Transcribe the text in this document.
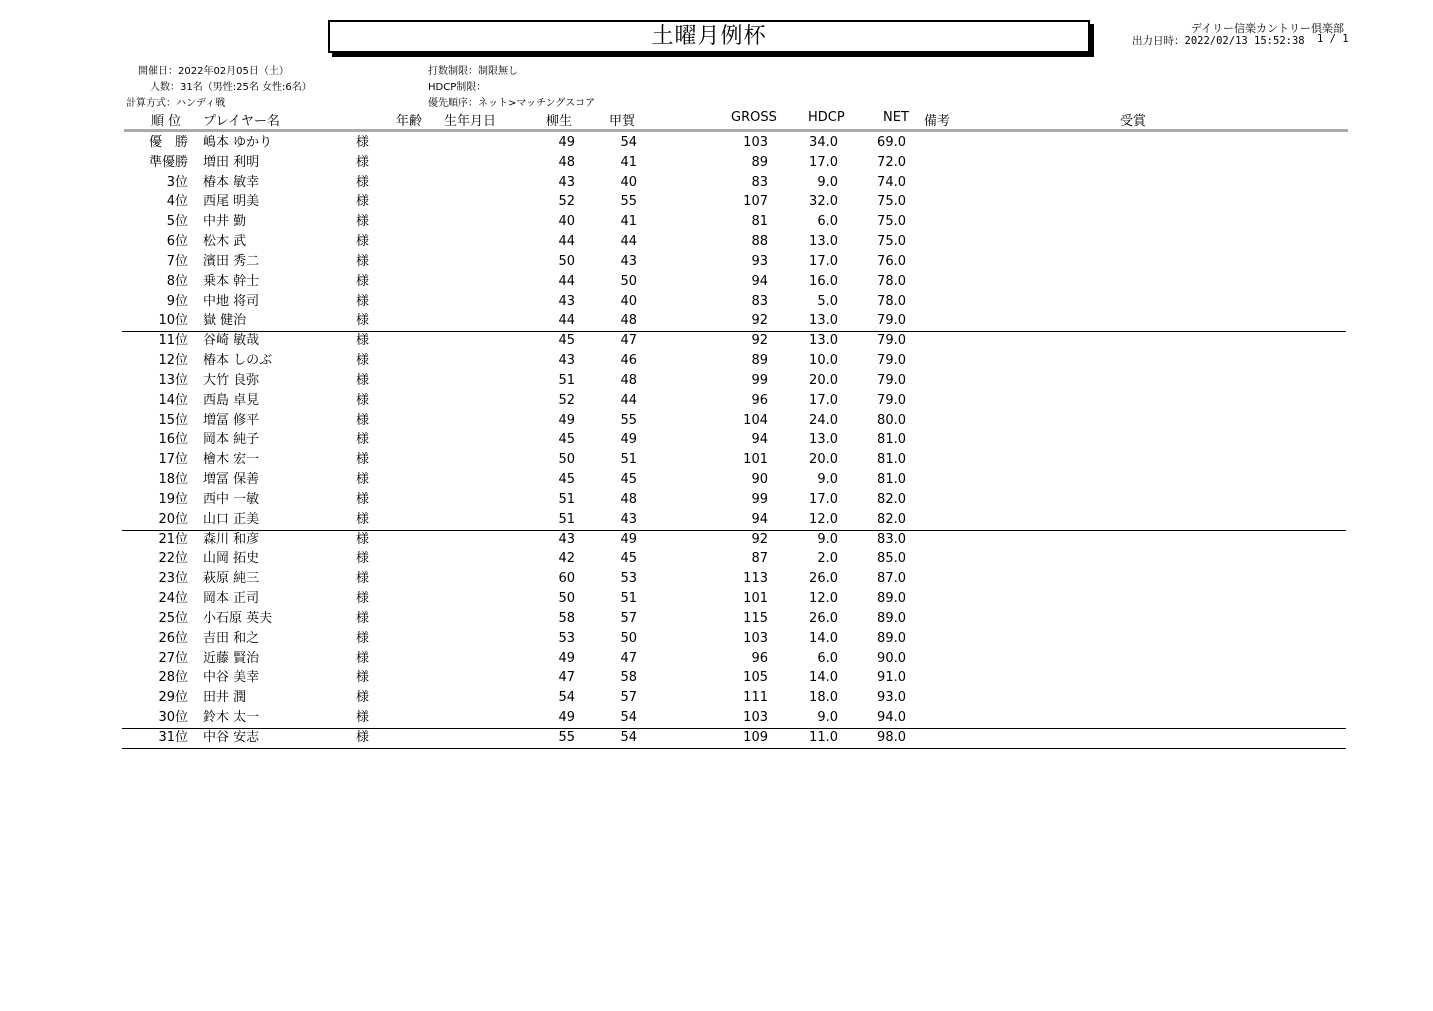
土曜月例杯	デイリー信楽カントリー倶楽部
出力日時：2022/02/13 15:52:38 1 / 1
開催日：2022年02月05日（土）
人数：31名（男性:25名 女性:6名）
計算方式：ハンディ戦
打数制限：制限無し
HDCP制限：
優先順序：ネット>マッチングスコア
順 位 プレイヤー名	年齢 生年月日	柳生	甲賀	GROSS HDCP	NET 備考	受賞
優　勝 嶋本 ゆかり	様	49	54	103	34.0	69.0
準優勝 増田 利明	様	48	41	89	17.0	72.0
3位 椿本 敏幸	様	43	40	83	9.0	74.0
4位 西尾 明美	様	52	55	107	32.0	75.0
5位 中井 勤	様	40	41	81	6.0	75.0
6位 松木 武	様	44	44	88	13.0	75.0
7位 濱田 秀二	様	50	43	93	17.0	76.0
8位 乗本 幹士	様	44	50	94	16.0	78.0
9位 中地 将司	様	43	40	83	5.0	78.0
10位 嶽 健治	様	44	48	92	13.0	79.0
11位 谷崎 敏哉	様	45	47	92	13.0	79.0
12位 椿本 しのぶ	様	43	46	89	10.0	79.0
13位 大竹 良弥	様	51	48	99	20.0	79.0
14位 西島 卓見	様	52	44	96	17.0	79.0
15位 増冨 修平	様	49	55	104	24.0	80.0
16位 岡本 純子	様	45	49	94	13.0	81.0
17位 檜木 宏一	様	50	51	101	20.0	81.0
18位 増冨 保善	様	45	45	90	9.0	81.0
19位 西中 一敏	様	51	48	99	17.0	82.0
20位 山口 正美	様	51	43	94	12.0	82.0
21位 森川 和彦	様	43	49	92	9.0	83.0
22位 山岡 拓史	様	42	45	87	2.0	85.0
23位 萩原 純三	様	60	53	113	26.0	87.0
24位 岡本 正司	様	50	51	101	12.0	89.0
25位 小石原 英夫	様	58	57	115	26.0	89.0
26位 吉田 和之	様	53	50	103	14.0	89.0
27位 近藤 賢治	様	49	47	96	6.0	90.0
28位 中谷 美幸	様	47	58	105	14.0	91.0
29位 田井 潤	様	54	57	111	18.0	93.0
30位 鈴木 太一	様	49	54	103	9.0	94.0
31位 中谷 安志	様	55	54	109	11.0	98.0
